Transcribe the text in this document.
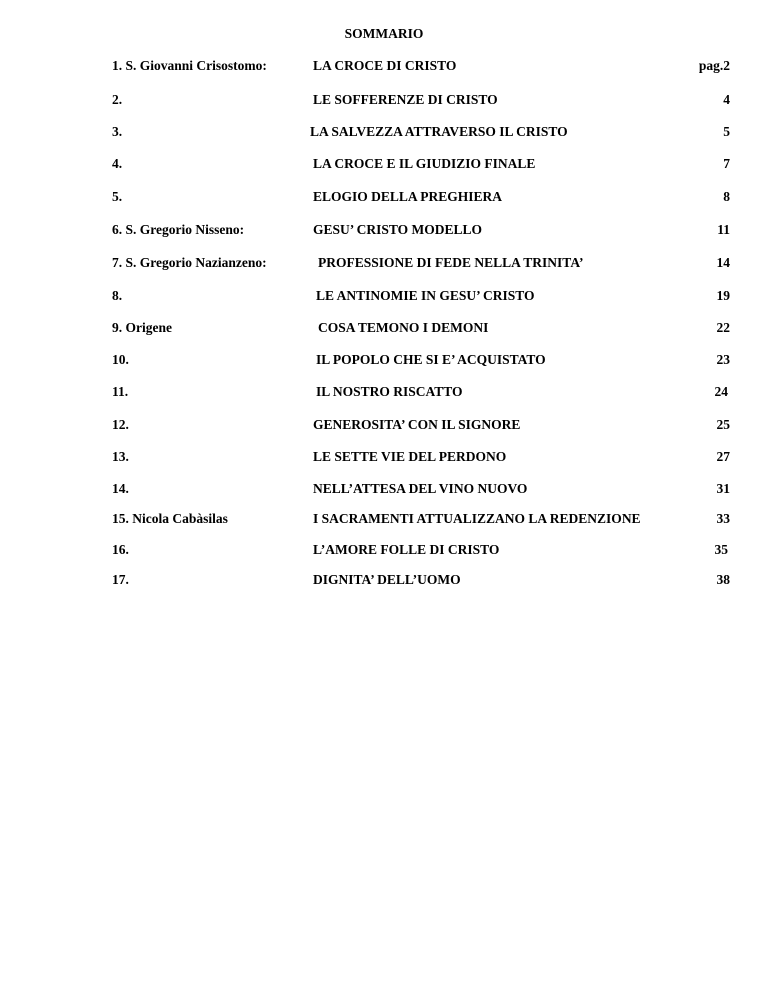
SOMMARIO
1. S. Giovanni Crisostomo:	LA CROCE DI CRISTO	pag.2
2.	LE SOFFERENZE DI CRISTO	4
3.	LA SALVEZZA ATTRAVERSO IL CRISTO	5
4.	LA CROCE E IL GIUDIZIO FINALE	7
5.	ELOGIO DELLA PREGHIERA	8
6. S. Gregorio Nisseno:	GESU’ CRISTO MODELLO	11
7. S. Gregorio Nazianzeno:	PROFESSIONE DI FEDE NELLA TRINITA’	14
8.	LE ANTINOMIE IN GESU’ CRISTO	19
9. Origene	COSA TEMONO I DEMONI	22
10.	IL POPOLO CHE SI E’ ACQUISTATO	23
11.	IL NOSTRO RISCATTO	24
12.	GENEROSITA’ CON IL SIGNORE	25
13.	LE SETTE VIE DEL PERDONO	27
14.	NELL’ATTESA DEL VINO NUOVO	31
15. Nicola Cabàsilas	I SACRAMENTI ATTUALIZZANO LA REDENZIONE	33
16.	L’AMORE FOLLE DI CRISTO	35
17.	DIGNITA’ DELL’UOMO	38
